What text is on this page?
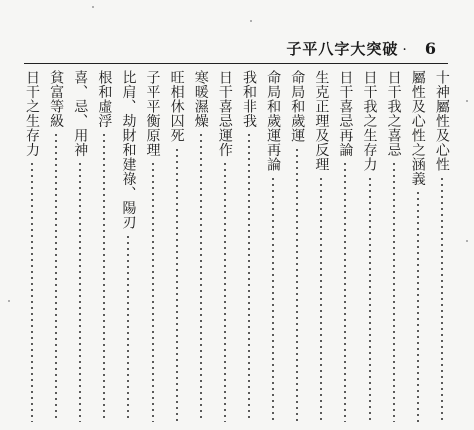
子平八字大突破 · 6
十神屬性及心性
屬性及心性之涵義
日干我之喜忌
日干我之生存力
日干喜忌再論
生克正理及反理
命局和歲運
命局和歲運再論
我和非我
日干喜忌運作
寒暖濕燥
旺相休囚死
子平平衡原理
比肩、劫財和建祿、陽刃
根和虛浮
喜、忌、用神
貧富等級
日干之生存力
